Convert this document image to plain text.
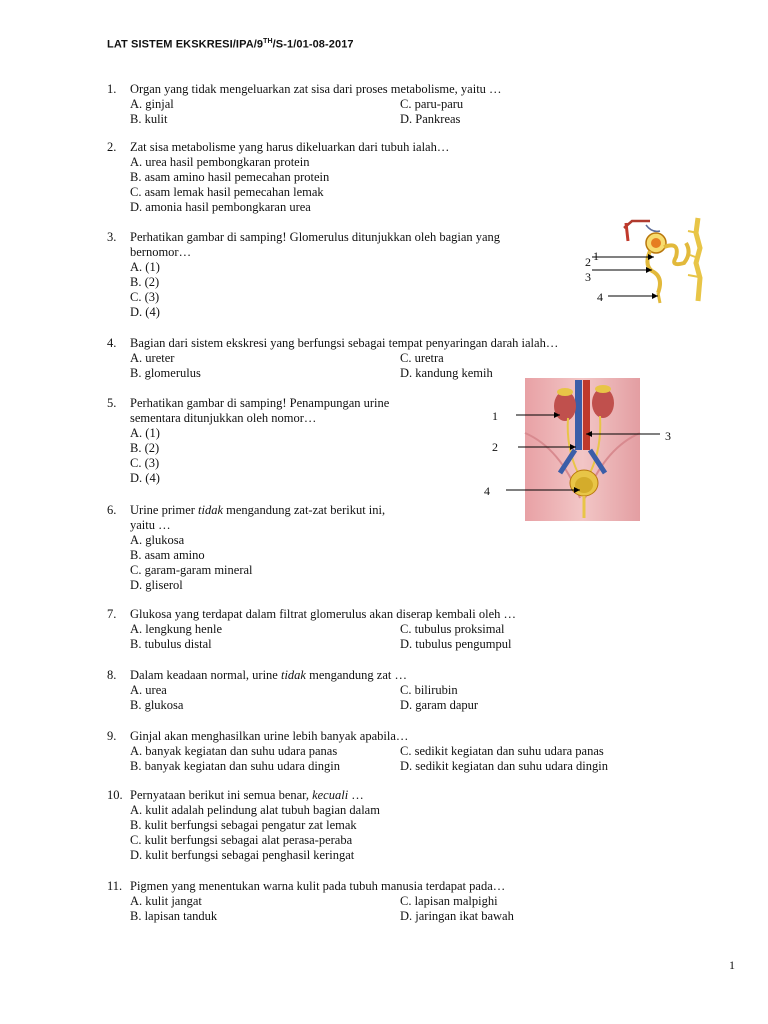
LAT SISTEM EKSKRESI/IPA/9TH/S-1/01-08-2017
1.	Organ yang tidak mengeluarkan zat sisa dari proses metabolisme, yaitu …
A. ginjal	C. paru-paru
B. kulit	D. Pankreas
2.	Zat sisa metabolisme yang harus dikeluarkan dari tubuh ialah…
A. urea hasil pembongkaran protein
B. asam amino hasil pemecahan protein
C. asam lemak hasil pemecahan lemak
D. amonia hasil pembongkaran urea
3.	Perhatikan gambar di samping! Glomerulus ditunjukkan oleh bagian yang
bernomor…
A. (1)
B. (2)
C. (3)
D. (4)
4.	Bagian dari sistem ekskresi yang berfungsi sebagai tempat penyaringan darah ialah…
A. ureter	C. uretra
B. glomerulus	D. kandung kemih
5.	Perhatikan gambar di samping! Penampungan urine
sementara ditunjukkan oleh nomor…
A. (1)
B. (2)
C. (3)
D. (4)
6.	Urine primer tidak mengandung zat-zat berikut ini,
yaitu …
A. glukosa
B. asam amino
C. garam-garam mineral
D. gliserol
7.	Glukosa yang terdapat dalam filtrat glomerulus akan diserap kembali oleh …
A. lengkung henle	C. tubulus proksimal
B. tubulus distal	D. tubulus pengumpul
8.	Dalam keadaan normal, urine tidak mengandung zat …
A. urea	C. bilirubin
B. glukosa	D. garam dapur
9.	Ginjal akan menghasilkan urine lebih banyak apabila…
A. banyak kegiatan dan suhu udara panas	C. sedikit kegiatan dan suhu udara panas
B. banyak kegiatan dan suhu udara dingin	D. sedikit kegiatan dan suhu udara dingin
10. Pernyataan berikut ini semua benar, kecuali …
A. kulit adalah pelindung alat tubuh bagian dalam
B. kulit berfungsi sebagai pengatur zat lemak
C. kulit berfungsi sebagai alat perasa-peraba
D. kulit berfungsi sebagai penghasil keringat
11. Pigmen yang menentukan warna kulit pada tubuh manusia terdapat pada…
A. kulit jangat	C. lapisan malpighi
B. lapisan tanduk	D. jaringan ikat bawah
1
2
3
4
1
2
3
4
1
